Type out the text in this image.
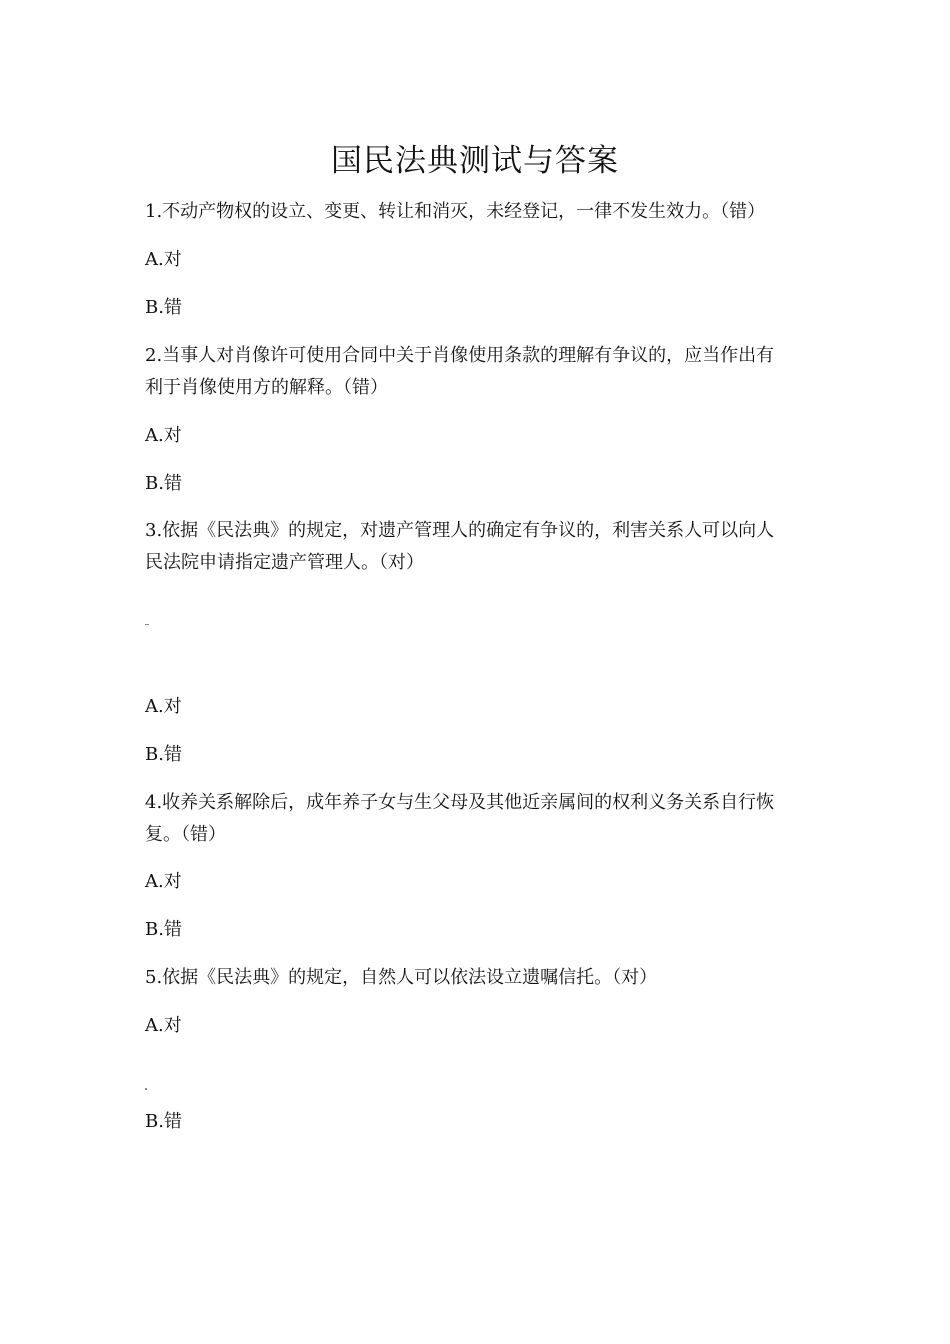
国民法典测试与答案
1.不动产物权的设立、变更、转让和消灭，未经登记，一律不发生效力。（错）
A.对
B.错
2.当事人对肖像许可使用合同中关于肖像使用条款的理解有争议的，应当作出有
利于肖像使用方的解释。（错）
A.对
B.错
3.依据《民法典》的规定，对遗产管理人的确定有争议的，利害关系人可以向人
民法院申请指定遗产管理人。（对）
A.对
B.错
4.收养关系解除后，成年养子女与生父母及其他近亲属间的权利义务关系自行恢
复。（错）
A.对
B.错
5.依据《民法典》的规定，自然人可以依法设立遗嘱信托。（对）
A.对
B.错
